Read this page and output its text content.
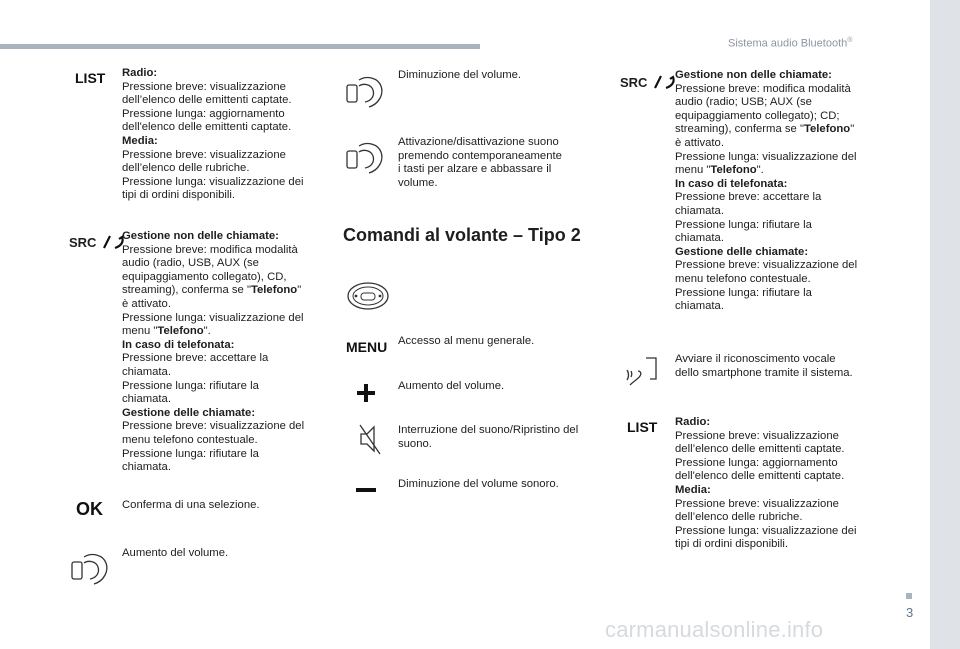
Sistema audio Bluetooth®
LIST Radio:
Pressione breve: visualizzazione
dell’elenco delle emittenti captate.
Pressione lunga: aggiornamento
dell'elenco delle emittenti captate.
Media:
Pressione breve: visualizzazione
dell’elenco delle rubriche.
Pressione lunga: visualizzazione dei
tipi di ordini disponibili.
SRC	Gestione non delle chiamate:
Pressione breve: modifica modalità
audio (radio, USB, AUX (se
equipaggiamento collegato), CD,
streaming), conferma se "Telefono"
è attivato.
Pressione lunga: visualizzazione del
menu "Telefono".
In caso di telefonata:
Pressione breve: accettare la
chiamata.
Pressione lunga: rifiutare la
chiamata.
Gestione delle chiamate:
Pressione breve: visualizzazione del
menu telefono contestuale.
Pressione lunga: rifiutare la
chiamata.
OK Conferma di una selezione.
Aumento del volume.
Diminuzione del volume.
Attivazione/disattivazione suono
premendo contemporaneamente
i tasti per alzare e abbassare il
volume.
Comandi al volante – Tipo 2
MENU Accesso al menu generale.
Aumento del volume.
Interruzione del suono/Ripristino del
suono.
Diminuzione del volume sonoro.
SRC	Gestione non delle chiamate:
Pressione breve: modifica modalità
audio (radio; USB; AUX (se
equipaggiamento collegato); CD;
streaming), conferma se "Telefono"
è attivato.
Pressione lunga: visualizzazione del
menu "Telefono".
In caso di telefonata:
Pressione breve: accettare la
chiamata.
Pressione lunga: rifiutare la
chiamata.
Gestione delle chiamate:
Pressione breve: visualizzazione del
menu telefono contestuale.
Pressione lunga: rifiutare la
chiamata.
Avviare il riconoscimento vocale
dello smartphone tramite il sistema.
LIST Radio:
Pressione breve: visualizzazione
dell’elenco delle emittenti captate.
Pressione lunga: aggiornamento
dell'elenco delle emittenti captate.
Media:
Pressione breve: visualizzazione
dell’elenco delle rubriche.
Pressione lunga: visualizzazione dei
tipi di ordini disponibili.
3
carmanualsonline.info
